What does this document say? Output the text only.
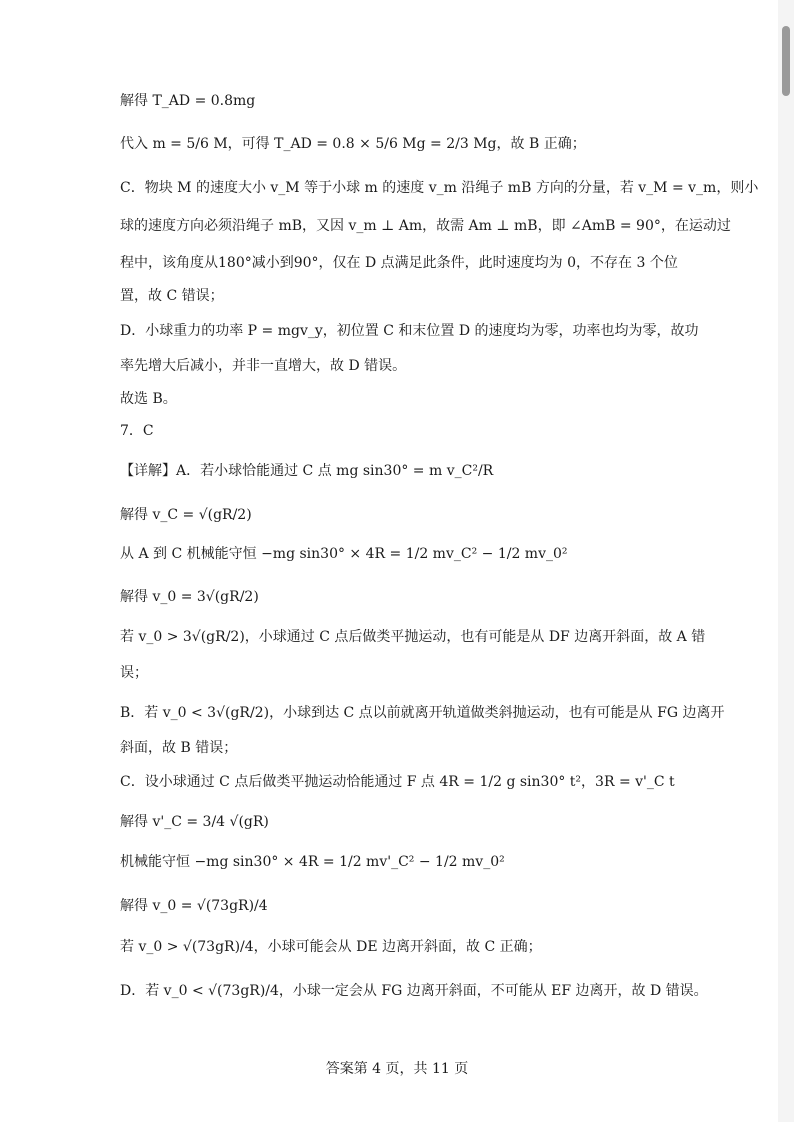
解得 T_AD = 0.8mg
代入 m = 5/6 M，可得 T_AD = 0.8 × 5/6 Mg = 2/3 Mg，故 B 正确；
C．物块 M 的速度大小 v_M 等于小球 m 的速度 v_m 沿绳子 mB 方向的分量，若 v_M = v_m，则小
球的速度方向必须沿绳子 mB，又因 v_m ⊥ Am，故需 Am ⊥ mB，即 ∠AmB = 90°，在运动过
程中，该角度从180°减小到90°，仅在 D 点满足此条件，此时速度均为 0，不存在 3 个位
置，故 C 错误；
D．小球重力的功率 P = mgv_y，初位置 C 和末位置 D 的速度均为零，功率也均为零，故功
率先增大后减小，并非一直增大，故 D 错误。
故选 B。
7．C
【详解】A．若小球恰能通过 C 点 mg sin30° = m v_C²/R
解得 v_C = √(gR/2)
从 A 到 C 机械能守恒 −mg sin30° × 4R = 1/2 mv_C² − 1/2 mv_0²
解得 v_0 = 3√(gR/2)
若 v_0 > 3√(gR/2)，小球通过 C 点后做类平抛运动，也有可能是从 DF 边离开斜面，故 A 错
误；
B．若 v_0 < 3√(gR/2)，小球到达 C 点以前就离开轨道做类斜抛运动，也有可能是从 FG 边离开
斜面，故 B 错误；
C．设小球通过 C 点后做类平抛运动恰能通过 F 点 4R = 1/2 g sin30° t²，3R = v'_C t
解得 v'_C = 3/4 √(gR)
机械能守恒 −mg sin30° × 4R = 1/2 mv'_C² − 1/2 mv_0²
解得 v_0 = √(73gR)/4
若 v_0 > √(73gR)/4，小球可能会从 DE 边离开斜面，故 C 正确；
D．若 v_0 < √(73gR)/4，小球一定会从 FG 边离开斜面，不可能从 EF 边离开，故 D 错误。
答案第 4 页，共 11 页
